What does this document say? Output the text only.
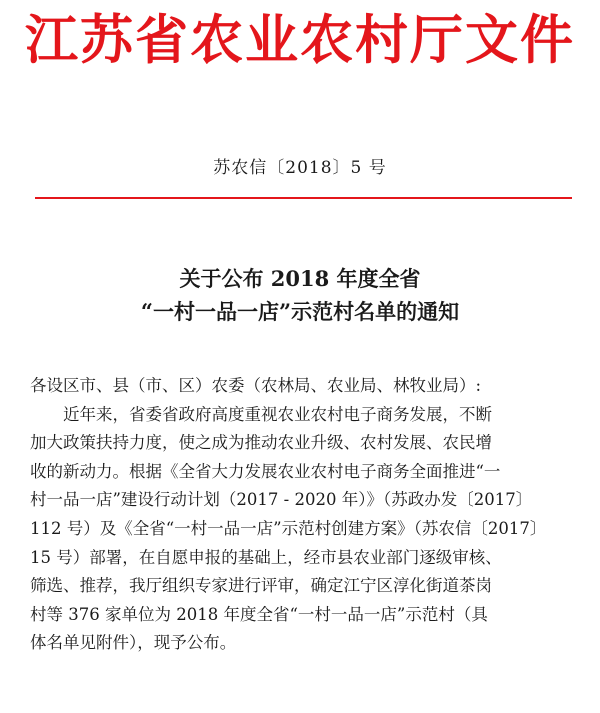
江苏省农业农村厅文件
苏农信〔2018〕5 号
关于公布 2018 年度全省
“一村一品一店”示范村名单的通知
各设区市、县（市、区）农委（农林局、农业局、林牧业局）:
近年来，省委省政府高度重视农业农村电子商务发展，不断
加大政策扶持力度，使之成为推动农业升级、农村发展、农民增
收的新动力。根据《全省大力发展农业农村电子商务全面推进“一
村一品一店”建设行动计划（2017 - 2020 年）》（苏政办发〔2017〕
112 号）及《全省“一村一品一店”示范村创建方案》（苏农信〔2017〕
15 号）部署，在自愿申报的基础上，经市县农业部门逐级审核、
筛选、推荐，我厅组织专家进行评审，确定江宁区淳化街道茶岗
村等 376 家单位为 2018 年度全省“一村一品一店”示范村（具
体名单见附件），现予公布。
